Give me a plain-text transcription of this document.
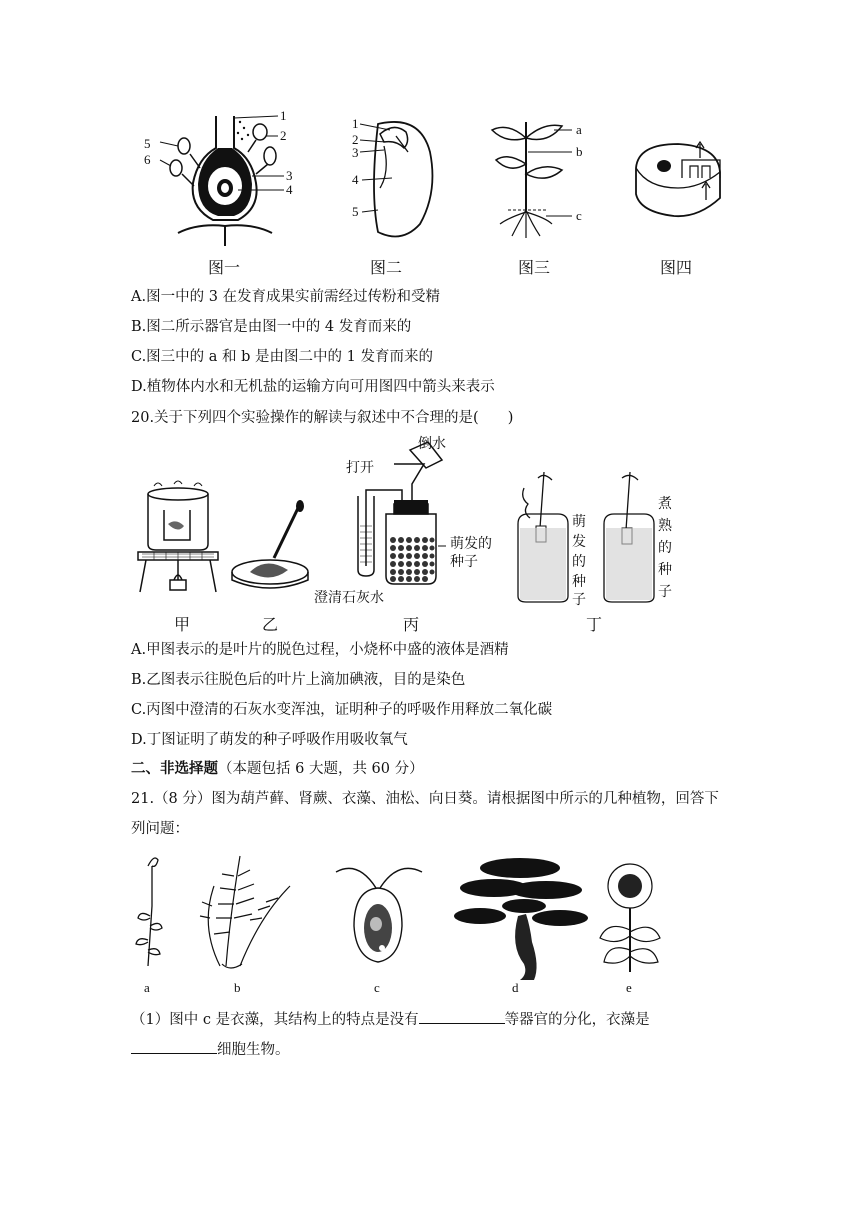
1
2
3
4
5
6
1
2
3
4
5
a
b
c
图一	图二	图三	图四
A.图一中的 3 在发育成果实前需经过传粉和受精
B.图二所示器官是由图一中的 4 发育而来的
C.图三中的 a 和 b 是由图二中的 1 发育而来的
D.植物体内水和无机盐的运输方向可用图四中箭头来表示
20.关于下列四个实验操作的解读与叙述中不合理的是(　　)
倒水
打开
萌发的
种子
澄清石灰水
萌
发
的
种
子
煮
熟
的
种
子
甲	乙	丙	丁
A.甲图表示的是叶片的脱色过程，小烧杯中盛的液体是酒精
B.乙图表示往脱色后的叶片上滴加碘液，目的是染色
C.丙图中澄清的石灰水变浑浊，证明种子的呼吸作用释放二氧化碳
D.丁图证明了萌发的种子呼吸作用吸收氧气
二、非选择题（本题包括 6 大题，共 60 分）
21.（8 分）图为葫芦藓、肾蕨、衣藻、油松、向日葵。请根据图中所示的几种植物，回答下
列问题：
a	b	c	d	e
（1）图中 c 是衣藻，其结构上的特点是没有	等器官的分化，衣藻是
细胞生物。
